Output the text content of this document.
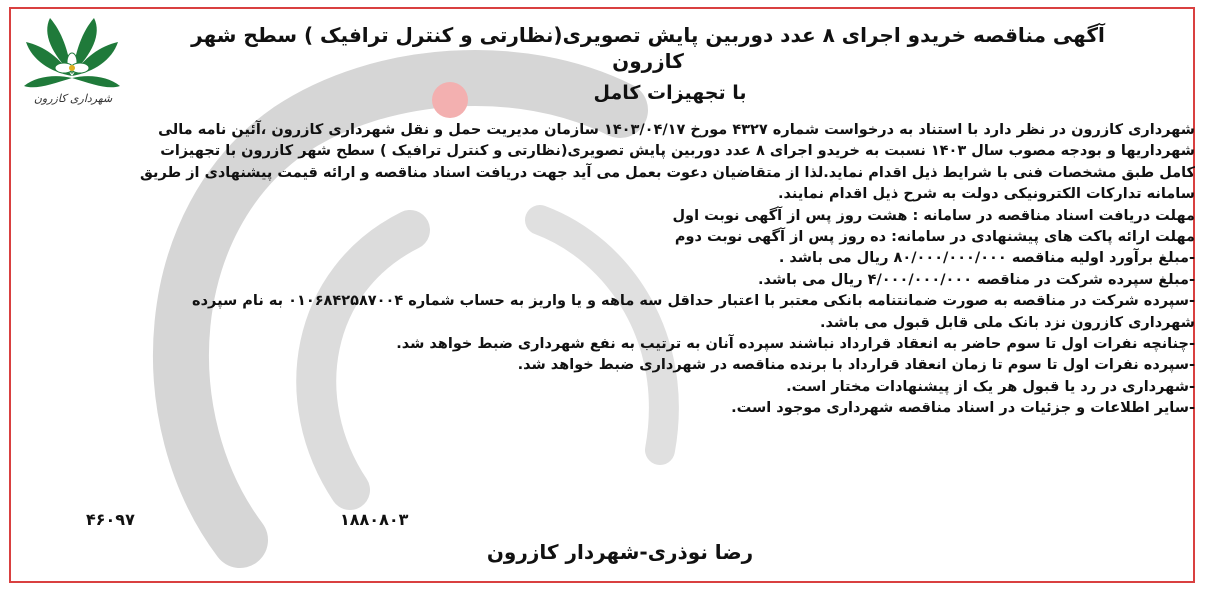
شهرداری کازرون
آگهی مناقصه خریدو اجرای ۸ عدد دوربین پایش تصویری(نظارتی و کنترل ترافیک ) سطح شهر کازرون
با تجهیزات کامل

شهرداری کازرون در نظر دارد با استناد به درخواست شماره ۴۳۲۷ مورخ ۱۴۰۳/۰۴/۱۷ سازمان مدیریت حمل و نقل شهرداری کازرون ،آئین نامه مالی شهرداریها و بودجه مصوب سال ۱۴۰۳ نسبت به خریدو اجرای ۸ عدد دوربین پایش تصویری(نظارتی و کنترل ترافیک ) سطح شهر کازرون با تجهیزات کامل طبق مشخصات فنی با شرایط ذیل اقدام نماید.لذا از متقاضیان دعوت بعمل می آید جهت دریافت اسناد مناقصه و ارائه قیمت پیشنهادی از طریق سامانه تدارکات الکترونیکی دولت به شرح ذیل اقدام نمایند.

مهلت دریافت اسناد مناقصه در سامانه : هشت روز پس از آگهی نوبت اول

مهلت ارائه پاکت های پیشنهادی در سامانه: ده روز پس از آگهی نوبت دوم

-مبلغ برآورد اولیه مناقصه ۸۰/۰۰۰/۰۰۰/۰۰۰ ریال می باشد .

-مبلغ سپرده شرکت در مناقصه ۴/۰۰۰/۰۰۰/۰۰۰ ریال می باشد.

-سپرده شرکت در مناقصه به صورت ضمانتنامه بانکی معتبر با اعتبار حداقل سه ماهه و یا واریز به حساب شماره ۰۱۰۶۸۴۲۵۸۷۰۰۴ به نام سپرده شهرداری کازرون نزد بانک ملی قابل قبول می باشد.

-چنانچه نفرات اول تا سوم حاضر به انعقاد قرارداد نباشند سپرده آنان به ترتیب به نفع شهرداری ضبط خواهد شد.

-سپرده نفرات اول تا سوم تا زمان انعقاد قرارداد با برنده مناقصه در شهرداری ضبط خواهد شد.

-شهرداری در رد یا قبول هر یک از پیشنهادات مختار است.

-سایر اطلاعات و جزئیات در اسناد مناقصه شهرداری موجود است.

۴۶۰۹۷	۱۸۸۰۸۰۳
رضا نوذری-شهردار کازرون
